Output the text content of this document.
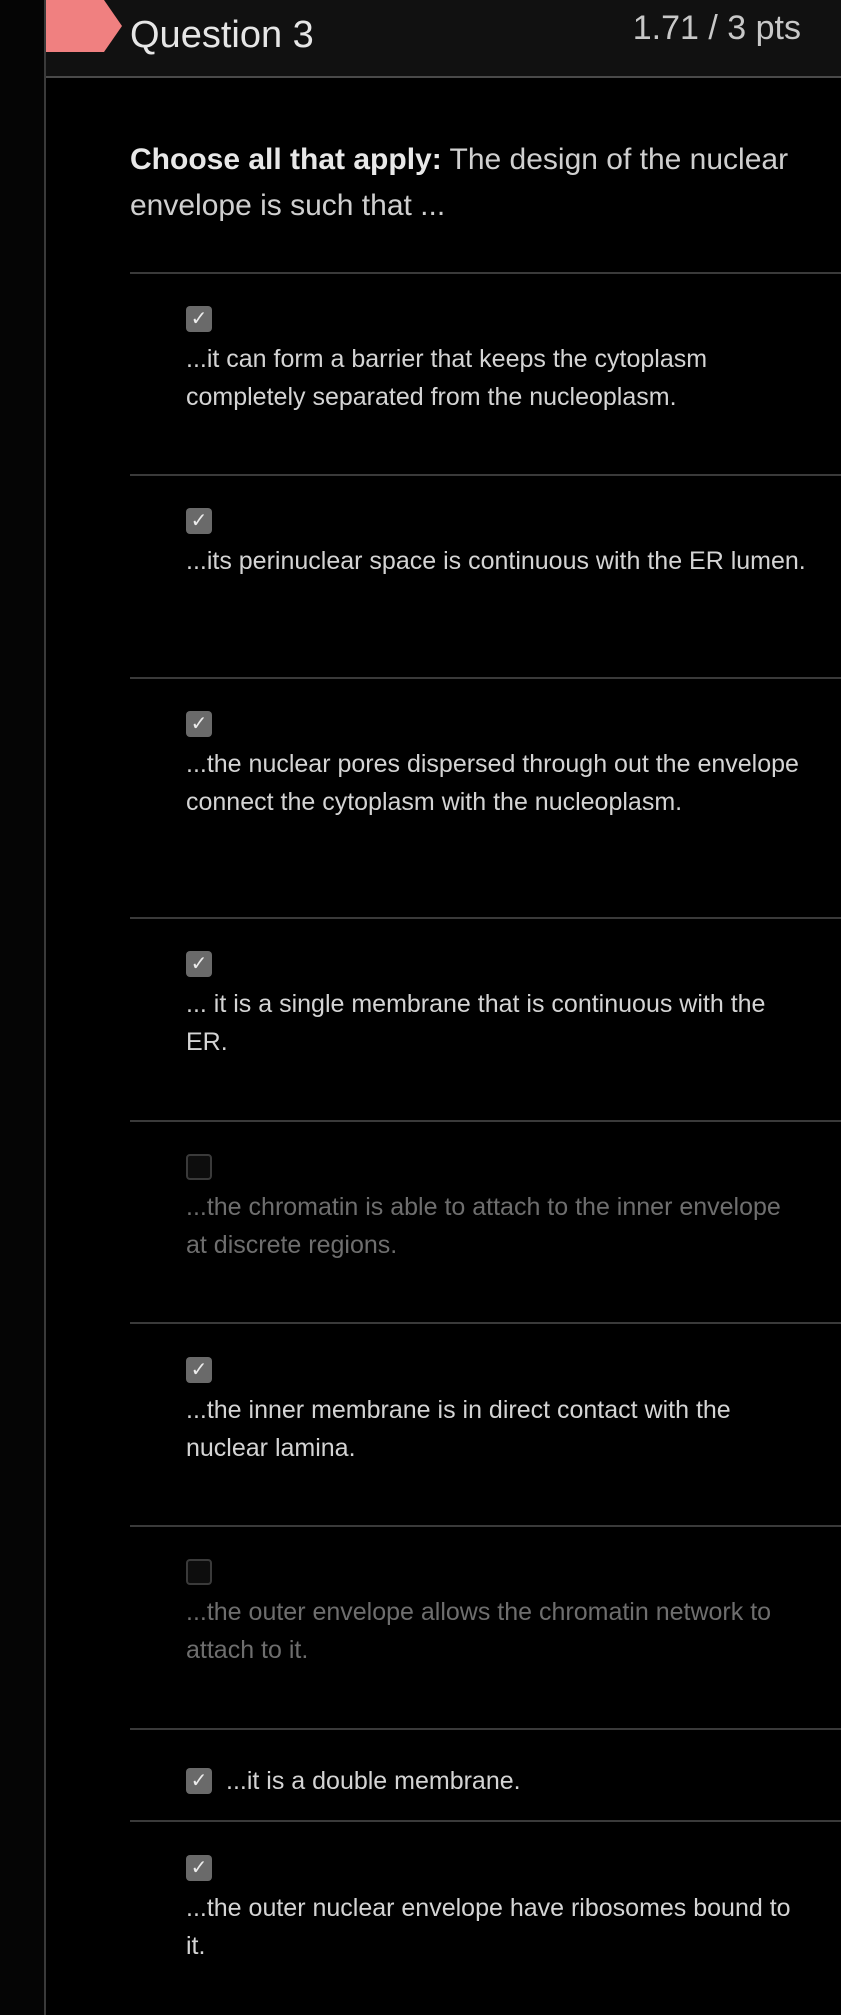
Question 3	1.71 / 3 pts
Choose all that apply: The design of the nuclear envelope is such that ...
✓
...it can form a barrier that keeps the cytoplasm completely separated from the nucleoplasm.
✓
...its perinuclear space is continuous with the ER lumen.
✓
...the nuclear pores dispersed through out the envelope connect the cytoplasm with the nucleoplasm.
✓
... it is a single membrane that is continuous with the ER.
...the chromatin is able to attach to the inner envelope at discrete regions.
✓
...the inner membrane is in direct contact with the nuclear lamina.
...the outer envelope allows the chromatin network to attach to it.
✓ ...it is a double membrane.
✓
...the outer nuclear envelope have ribosomes bound to it.
